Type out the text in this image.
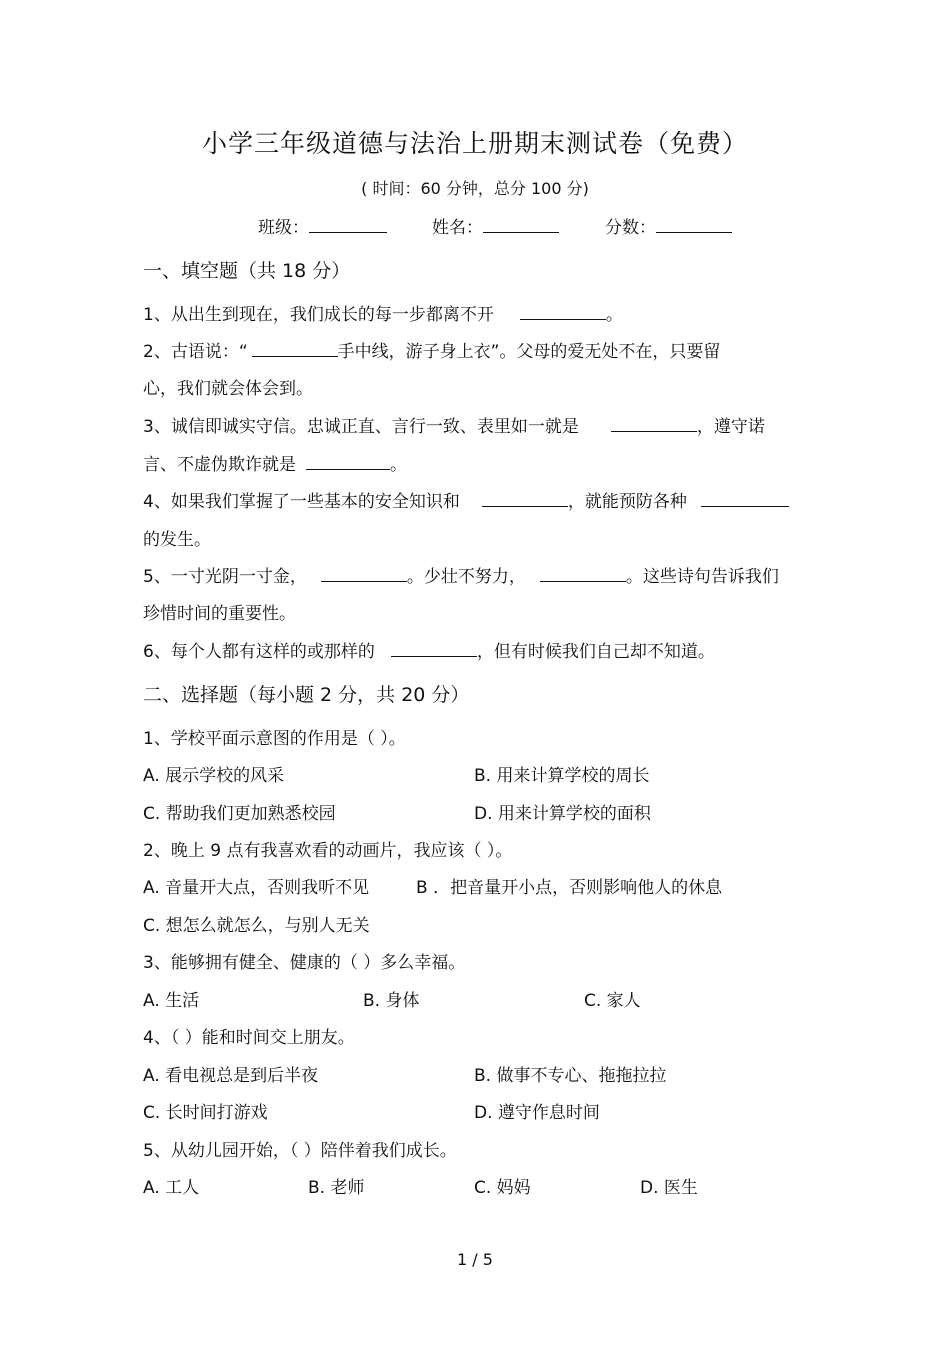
小学三年级道德与法治上册期末测试卷（免费）
( 时间：60 分钟，总分 100 分)
班级：	姓名：	分数：
一、填空题（共 18 分）
1、从出生到现在，我们成长的每一步都离不开	。
2、古语说：“	手中线，游子身上衣”。父母的爱无处不在，只要留
心，我们就会体会到。
3、诚信即诚实守信。忠诚正直、言行一致、表里如一就是	，遵守诺
言、不虚伪欺诈就是	。
4、如果我们掌握了一些基本的安全知识和	，就能预防各种
的发生。
5、一寸光阴一寸金，	。少壮不努力，	。这些诗句告诉我们
珍惜时间的重要性。
6、每个人都有这样的或那样的	，但有时候我们自己却不知道。
二、选择题（每小题 2 分，共 20 分）
1、学校平面示意图的作用是（ ）。
A. 展示学校的风采	B. 用来计算学校的周长
C. 帮助我们更加熟悉校园	D. 用来计算学校的面积
2、晚上 9 点有我喜欢看的动画片，我应该（ ）。
A. 音量开大点，否则我听不见	B ．把音量开小点，否则影响他人的休息
C. 想怎么就怎么，与别人无关
3、能够拥有健全、健康的（ ）多么幸福。
A. 生活	B. 身体	C. 家人
4、（ ）能和时间交上朋友。
A. 看电视总是到后半夜	B. 做事不专心、拖拖拉拉
C. 长时间打游戏	D. 遵守作息时间
5、从幼儿园开始，（ ）陪伴着我们成长。
A. 工人	B. 老师	C. 妈妈	D. 医生
1 / 5
